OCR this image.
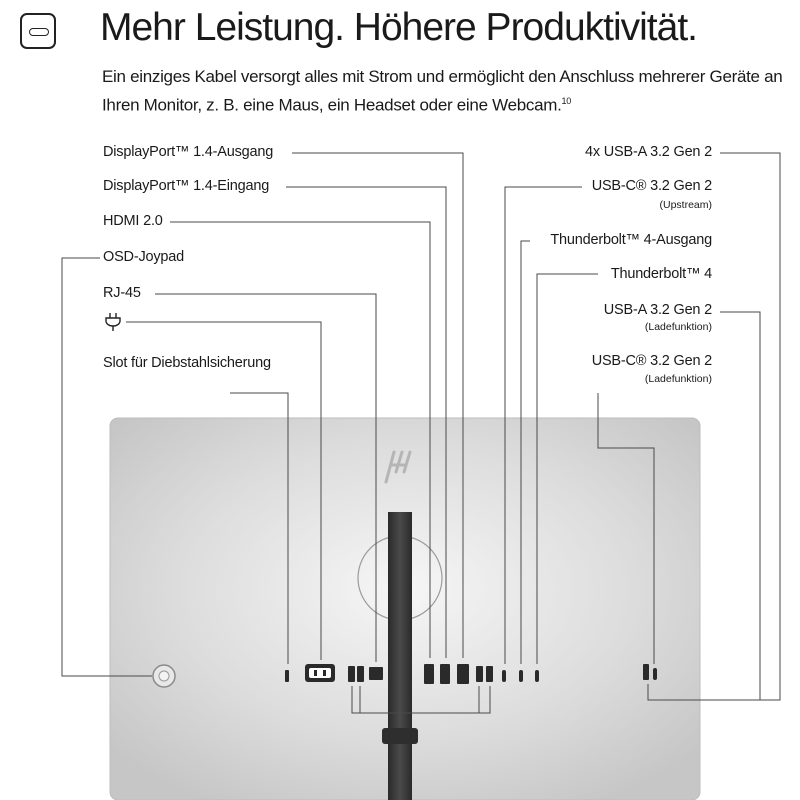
Mehr Leistung. Höhere Produktivität.
Ein einziges Kabel versorgt alles mit Strom und ermöglicht den Anschluss mehrerer Geräte an Ihren Monitor, z. B. eine Maus, ein Headset oder eine Webcam.$^{10}$
DisplayPort™ 1.4-Ausgang
DisplayPort™ 1.4-Eingang
HDMI 2.0
OSD-Joypad
RJ-45
Slot für Diebstahlsicherung
4x USB-A 3.2 Gen 2
USB-C® 3.2 Gen 2
(Upstream)
Thunderbolt™ 4-Ausgang
Thunderbolt™ 4
USB-A 3.2 Gen 2
(Ladefunktion)
USB-C® 3.2 Gen 2
(Ladefunktion)
